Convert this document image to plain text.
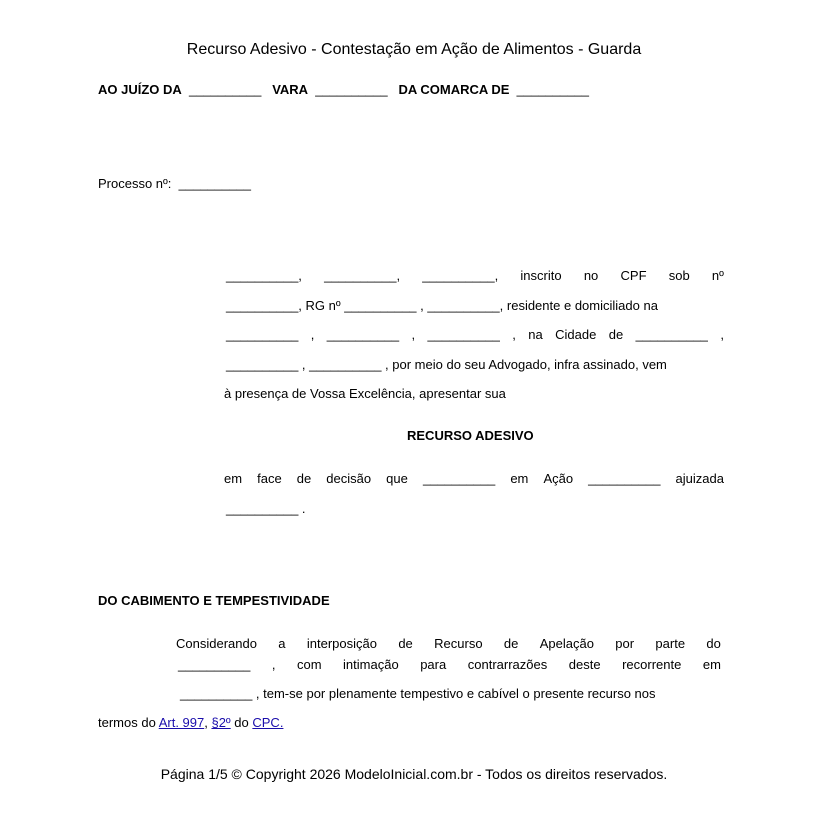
Recurso Adesivo - Contestação em Ação de Alimentos - Guarda
AO JUÍZO DA __________ VARA __________ DA COMARCA DE __________
Processo nº: __________
__________, __________, __________, inscrito no CPF sob nº
__________, RG nº __________ , __________, residente e domiciliado na
__________ , __________ , __________ , na Cidade de __________ ,
__________ , __________ , por meio do seu Advogado, infra assinado, vem
à presença de Vossa Excelência, apresentar sua
RECURSO ADESIVO
em face de decisão que __________ em Ação __________ ajuizada
__________ .
DO CABIMENTO E TEMPESTIVIDADE
Considerando a interposição de Recurso de Apelação por parte do
__________ , com intimação para contrarrazões deste recorrente em
__________ , tem-se por plenamente tempestivo e cabível o presente recurso nos
termos do Art. 997, §2º do CPC.
Página 1/5 © Copyright 2026 ModeloInicial.com.br - Todos os direitos reservados.
